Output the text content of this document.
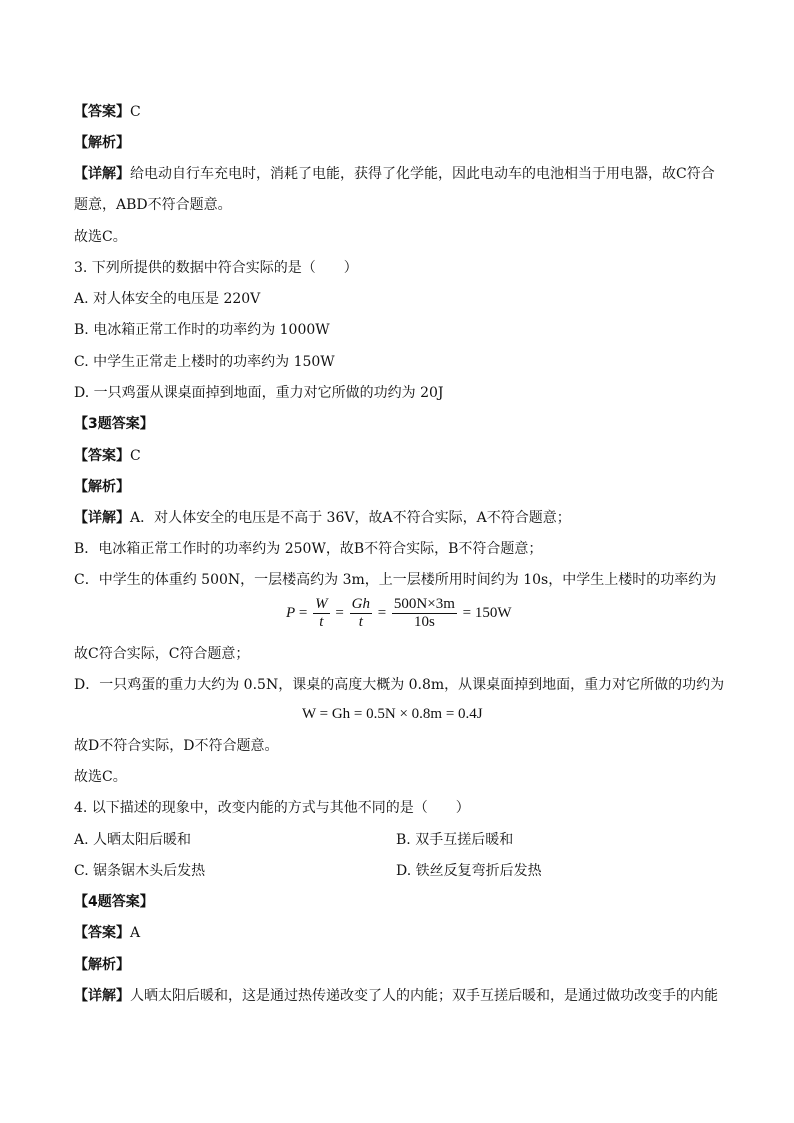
【答案】C
【解析】
【详解】给电动自行车充电时，消耗了电能，获得了化学能，因此电动车的电池相当于用电器，故C符合
题意，ABD不符合题意。
故选C。
3. 下列所提供的数据中符合实际的是（　　）
A. 对人体安全的电压是 220V
B. 电冰箱正常工作时的功率约为 1000W
C. 中学生正常走上楼时的功率约为 150W
D. 一只鸡蛋从课桌面掉到地面，重力对它所做的功约为 20J
【3题答案】
【答案】C
【解析】
【详解】A．对人体安全的电压是不高于 36V，故A不符合实际，A不符合题意；
B．电冰箱正常工作时的功率约为 250W，故B不符合实际，B不符合题意；
C．中学生的体重约 500N，一层楼高约为 3m，上一层楼所用时间约为 10s，中学生上楼时的功率约为
$P = \frac{W}{t} = \frac{Gh}{t} = \frac{500N\times 3m}{10s} = 150W$
故C符合实际，C符合题意；
D．一只鸡蛋的重力大约为 0.5N，课桌的高度大概为 0.8m，从课桌面掉到地面，重力对它所做的功约为
W = Gh = 0.5N × 0.8m = 0.4J
故D不符合实际，D不符合题意。
故选C。
4. 以下描述的现象中，改变内能的方式与其他不同的是（　　）
A. 人晒太阳后暖和	B. 双手互搓后暖和
C. 锯条锯木头后发热	D. 铁丝反复弯折后发热
【4题答案】
【答案】A
【解析】
【详解】人晒太阳后暖和，这是通过热传递改变了人的内能；双手互搓后暖和，是通过做功改变手的内能
